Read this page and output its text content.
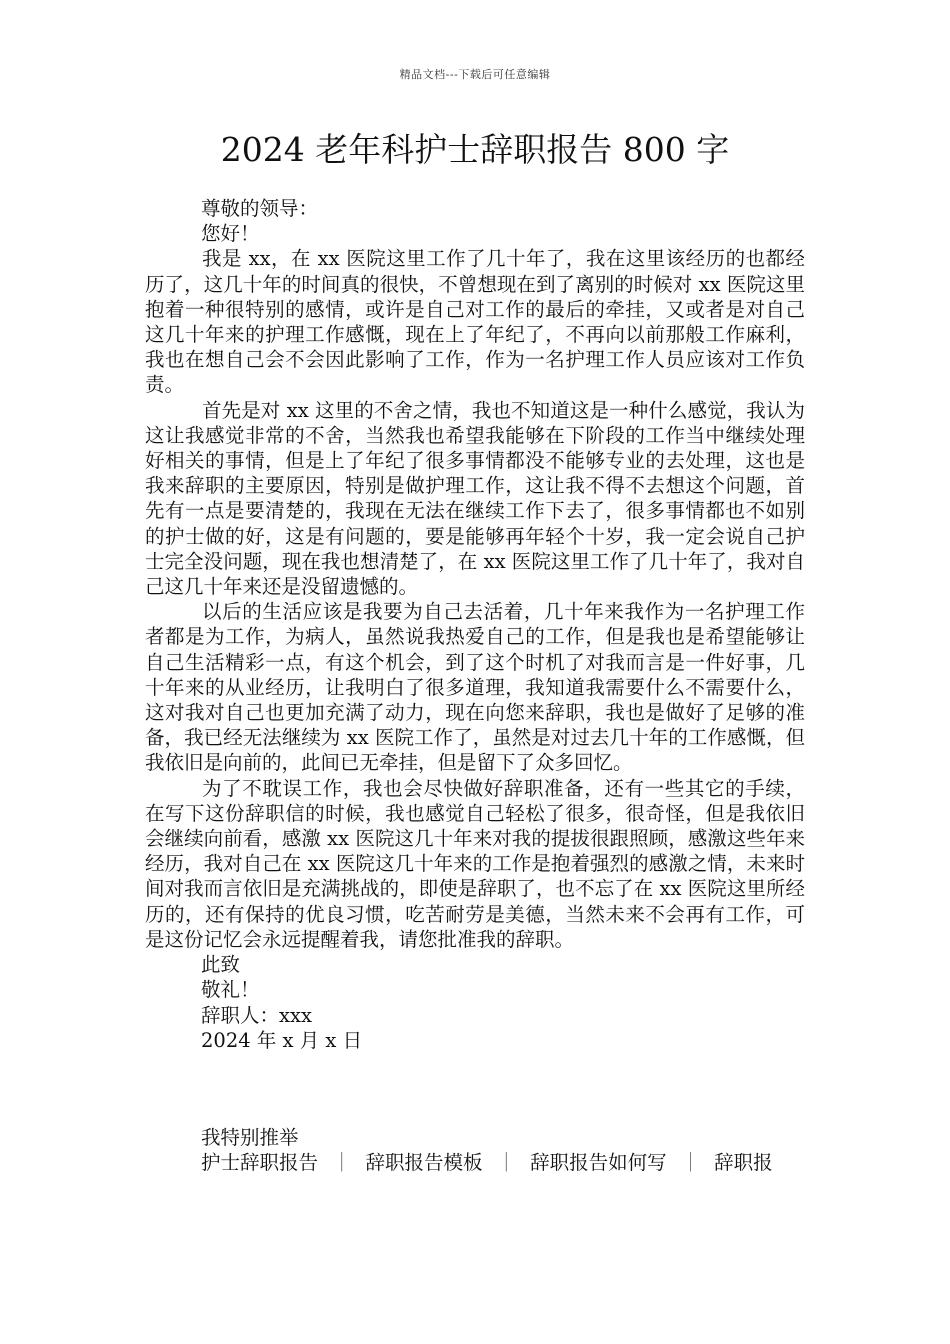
精品文档---下载后可任意编辑
2024 老年科护士辞职报告 800 字

尊敬的领导：

您好！

我是 xx，在 xx 医院这里工作了几十年了，我在这里该经历的也都经历了，这几十年的时间真的很快，不曾想现在到了离别的时候对 xx 医院这里抱着一种很特别的感情，或许是自己对工作的最后的牵挂，又或者是对自己这几十年来的护理工作感慨，现在上了年纪了，不再向以前那般工作麻利，我也在想自己会不会因此影响了工作，作为一名护理工作人员应该对工作负责。

首先是对 xx 这里的不舍之情，我也不知道这是一种什么感觉，我认为这让我感觉非常的不舍，当然我也希望我能够在下阶段的工作当中继续处理好相关的事情，但是上了年纪了很多事情都没不能够专业的去处理，这也是我来辞职的主要原因，特别是做护理工作，这让我不得不去想这个问题，首先有一点是要清楚的，我现在无法在继续工作下去了，很多事情都也不如别的护士做的好，这是有问题的，要是能够再年轻个十岁，我一定会说自己护士完全没问题，现在我也想清楚了，在 xx 医院这里工作了几十年了，我对自己这几十年来还是没留遗憾的。

以后的生活应该是我要为自己去活着，几十年来我作为一名护理工作者都是为工作，为病人，虽然说我热爱自己的工作，但是我也是希望能够让自己生活精彩一点，有这个机会，到了这个时机了对我而言是一件好事，几十年来的从业经历，让我明白了很多道理，我知道我需要什么不需要什么，这对我对自己也更加充满了动力，现在向您来辞职，我也是做好了足够的准备，我已经无法继续为 xx 医院工作了，虽然是对过去几十年的工作感慨，但我依旧是向前的，此间已无牵挂，但是留下了众多回忆。

为了不耽误工作，我也会尽快做好辞职准备，还有一些其它的手续，在写下这份辞职信的时候，我也感觉自己轻松了很多，很奇怪，但是我依旧会继续向前看，感激 xx 医院这几十年来对我的提拔很跟照顾，感激这些年来经历，我对自己在 xx 医院这几十年来的工作是抱着强烈的感激之情，未来时间对我而言依旧是充满挑战的，即使是辞职了，也不忘了在 xx 医院这里所经历的，还有保持的优良习惯，吃苦耐劳是美德，当然未来不会再有工作，可是这份记忆会永远提醒着我，请您批准我的辞职。

此致

敬礼！

辞职人：xxx

2024 年 x 月 x 日

我特别推举

护士辞职报告 ｜ 辞职报告模板 ｜ 辞职报告如何写 ｜ 辞职报
